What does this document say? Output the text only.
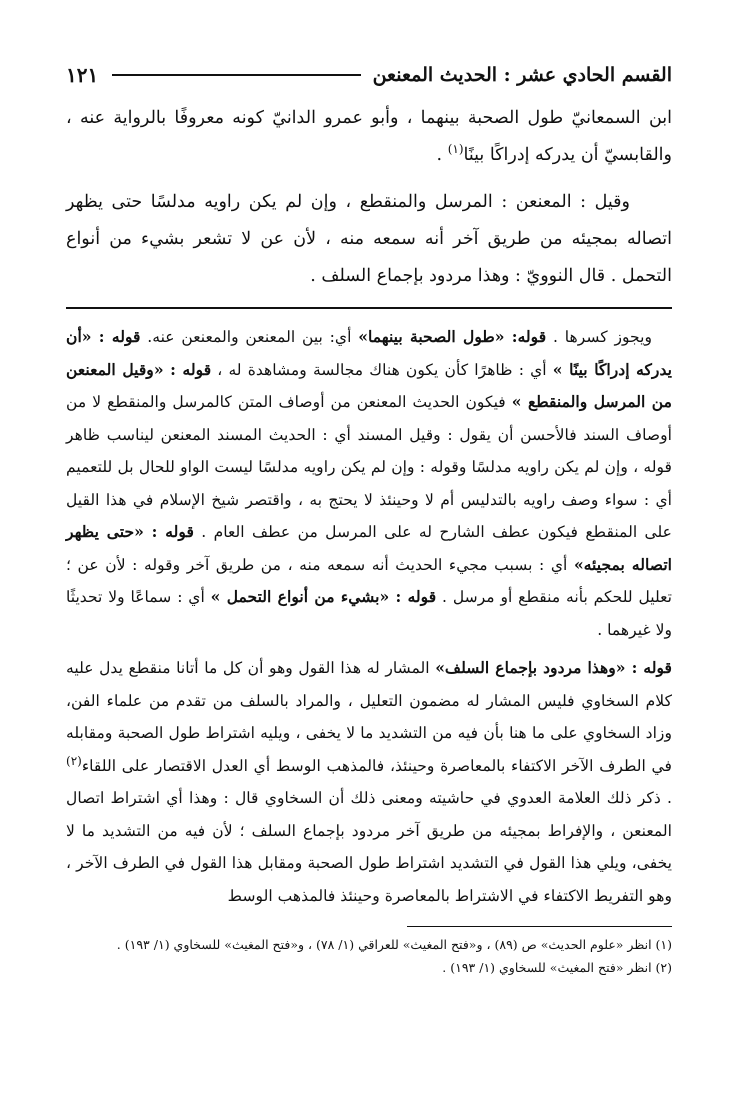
القسم الحادي عشر : الحديث المعنعن
١٢١

ابن السمعانيّ طول الصحبة بينهما ، وأبو عمرو الدانيّ كونه معروفًا بالرواية عنه ، والقابسيّ أن يدركه إدراكًا بينًا$^{(١)}$ .

وقيل : المعنعن : المرسل والمنقطع ، وإن لم يكن راويه مدلسًا حتى يظهر اتصاله بمجيئه من طريق آخر أنه سمعه منه ، لأن عن لا تشعر بشيء من أنواع التحمل . قال النوويّ : وهذا مردود بإجماع السلف .

ويجوز كسرها . قوله: «طول الصحبة بينهما» أي: بين المعنعن والمعنعن عنه. قوله : «أن يدركه إدراكًا بينًا » أي : ظاهرًا كأن يكون هناك مجالسة ومشاهدة له ، قوله : «وقيل المعنعن من المرسل والمنقطع » فيكون الحديث المعنعن من أوصاف المتن كالمرسل والمنقطع لا من أوصاف السند فالأحسن أن يقول : وقيل المسند أي : الحديث المسند المعنعن ليناسب ظاهر قوله ، وإن لم يكن راويه مدلسًا وقوله : وإن لم يكن راويه مدلسًا ليست الواو للحال بل للتعميم أي : سواء وصف راويه بالتدليس أم لا وحينئذ لا يحتج به ، واقتصر شيخ الإسلام في هذا القيل على المنقطع فيكون عطف الشارح له على المرسل من عطف العام . قوله : «حتى يظهر اتصاله بمجيئه» أي : بسبب مجيء الحديث أنه سمعه منه ، من طريق آخر وقوله : لأن عن ؛ تعليل للحكم بأنه منقطع أو مرسل . قوله : «بشيء من أنواع التحمل » أي : سماعًا ولا تحديثًا ولا غيرهما .

قوله : «وهذا مردود بإجماع السلف» المشار له هذا القول وهو أن كل ما أتانا منقطع يدل عليه كلام السخاوي فليس المشار له مضمون التعليل ، والمراد بالسلف من تقدم من علماء الفن، وزاد السخاوي على ما هنا بأن فيه من التشديد ما لا يخفى ، ويليه اشتراط طول الصحبة ومقابله في الطرف الآخر الاكتفاء بالمعاصرة وحينئذ، فالمذهب الوسط أي العدل الاقتصار على اللقاء$^{(٢)}$ . ذكر ذلك العلامة العدوي في حاشيته ومعنى ذلك أن السخاوي قال : وهذا أي اشتراط اتصال المعنعن ، والإفراط بمجيئه من طريق آخر مردود بإجماع السلف ؛ لأن فيه من التشديد ما لا يخفى، ويلي هذا القول في التشديد اشتراط طول الصحبة ومقابل هذا القول في الطرف الآخر ، وهو التفريط الاكتفاء في الاشتراط بالمعاصرة وحينئذ فالمذهب الوسط

(١) انظر «علوم الحديث» ص (٨٩) ، و«فتح المغيث» للعراقي (١/ ٧٨) ، و«فتح المغيث» للسخاوي (١/ ١٩٣) .

(٢) انظر «فتح المغيث» للسخاوي (١/ ١٩٣) .
